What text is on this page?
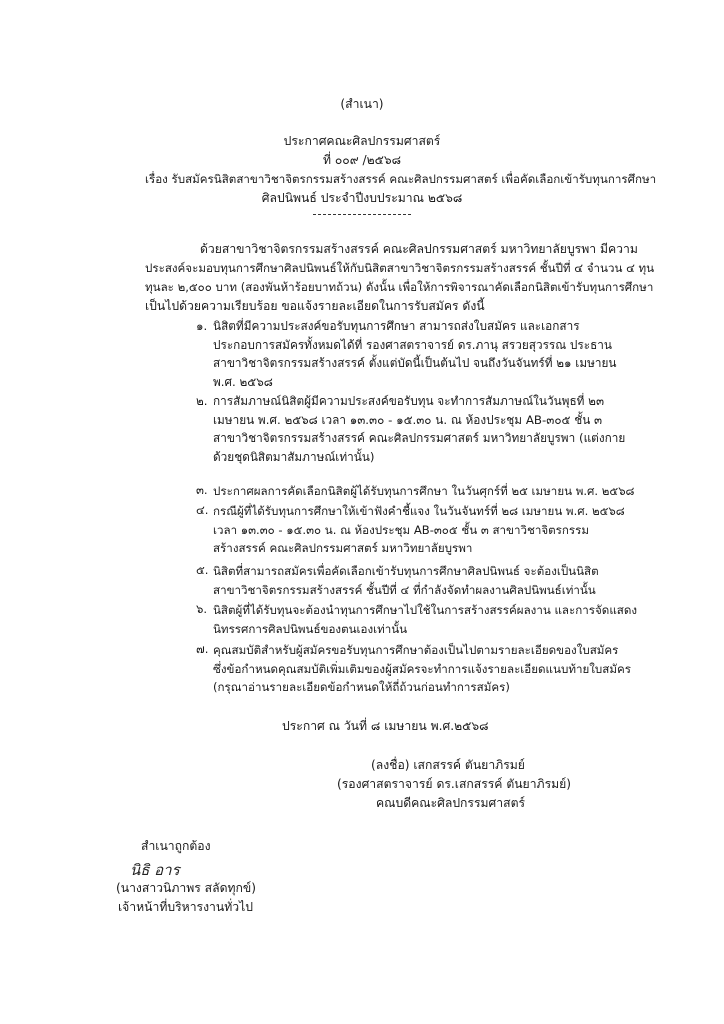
(สำเนา)
ประกาศคณะศิลปกรรมศาสตร์
ที่ ๐๐๙ /๒๕๖๘
เรื่อง รับสมัครนิสิตสาขาวิชาจิตรกรรมสร้างสรรค์ คณะศิลปกรรมศาสตร์ เพื่อคัดเลือกเข้ารับทุนการศึกษา
ศิลปนิพนธ์ ประจำปีงบประมาณ ๒๕๖๘
ด้วยสาขาวิชาจิตรกรรมสร้างสรรค์ คณะศิลปกรรมศาสตร์ มหาวิทยาลัยบูรพา มีความ
ประสงค์จะมอบทุนการศึกษาศิลปนิพนธ์ให้กับนิสิตสาขาวิชาจิตรกรรมสร้างสรรค์ ชั้นปีที่ ๔ จำนวน ๔ ทุน
ทุนละ ๒,๕๐๐ บาท (สองพันห้าร้อยบาทถ้วน) ดังนั้น เพื่อให้การพิจารณาคัดเลือกนิสิตเข้ารับทุนการศึกษา
เป็นไปด้วยความเรียบร้อย ขอแจ้งรายละเอียดในการรับสมัคร ดังนี้
๑. นิสิตที่มีความประสงค์ขอรับทุนการศึกษา สามารถส่งใบสมัคร และเอกสาร
ประกอบการสมัครทั้งหมดได้ที่ รองศาสตราจารย์ ดร.ภานุ สรวยสุวรรณ ประธาน
สาขาวิชาจิตรกรรมสร้างสรรค์ ตั้งแต่บัดนี้เป็นต้นไป จนถึงวันจันทร์ที่ ๒๑ เมษายน
พ.ศ. ๒๕๖๘
๒. การสัมภาษณ์นิสิตผู้มีความประสงค์ขอรับทุน จะทำการสัมภาษณ์ในวันพุธที่ ๒๓
เมษายน พ.ศ. ๒๕๖๘ เวลา ๑๓.๓๐ - ๑๕.๓๐ น. ณ ห้องประชุม AB-๓๐๕ ชั้น ๓
สาขาวิชาจิตรกรรมสร้างสรรค์ คณะศิลปกรรมศาสตร์ มหาวิทยาลัยบูรพา (แต่งกาย
ด้วยชุดนิสิตมาสัมภาษณ์เท่านั้น)
๓. ประกาศผลการคัดเลือกนิสิตผู้ได้รับทุนการศึกษา ในวันศุกร์ที่ ๒๕ เมษายน พ.ศ. ๒๕๖๘
๔. กรณีผู้ที่ได้รับทุนการศึกษาให้เข้าฟังคำชี้แจง ในวันจันทร์ที่ ๒๘ เมษายน พ.ศ. ๒๕๖๘
เวลา ๑๓.๓๐ - ๑๕.๓๐ น. ณ ห้องประชุม AB-๓๐๕ ชั้น ๓ สาขาวิชาจิตรกรรม
สร้างสรรค์ คณะศิลปกรรมศาสตร์ มหาวิทยาลัยบูรพา
๕. นิสิตที่สามารถสมัครเพื่อคัดเลือกเข้ารับทุนการศึกษาศิลปนิพนธ์ จะต้องเป็นนิสิต
สาขาวิชาจิตรกรรมสร้างสรรค์ ชั้นปีที่ ๔ ที่กำลังจัดทำผลงานศิลปนิพนธ์เท่านั้น
๖. นิสิตผู้ที่ได้รับทุนจะต้องนำทุนการศึกษาไปใช้ในการสร้างสรรค์ผลงาน และการจัดแสดง
นิทรรศการศิลปนิพนธ์ของตนเองเท่านั้น
๗. คุณสมบัติสำหรับผู้สมัครขอรับทุนการศึกษาต้องเป็นไปตามรายละเอียดของใบสมัคร
ซึ่งข้อกำหนดคุณสมบัติเพิ่มเติมของผู้สมัครจะทำการแจ้งรายละเอียดแนบท้ายใบสมัคร
(กรุณาอ่านรายละเอียดข้อกำหนดให้ถี่ถ้วนก่อนทำการสมัคร)
ประกาศ ณ วันที่ ๘ เมษายน พ.ศ.๒๕๖๘
(ลงชื่อ) เสกสรรค์ ตันยาภิรมย์
(รองศาสตราจารย์ ดร.เสกสรรค์ ตันยาภิรมย์)
คณบดีคณะศิลปกรรมศาสตร์
สำเนาถูกต้อง
นิธิ อาร
(นางสาวนิภาพร สลัดทุกข์)
เจ้าหน้าที่บริหารงานทั่วไป
